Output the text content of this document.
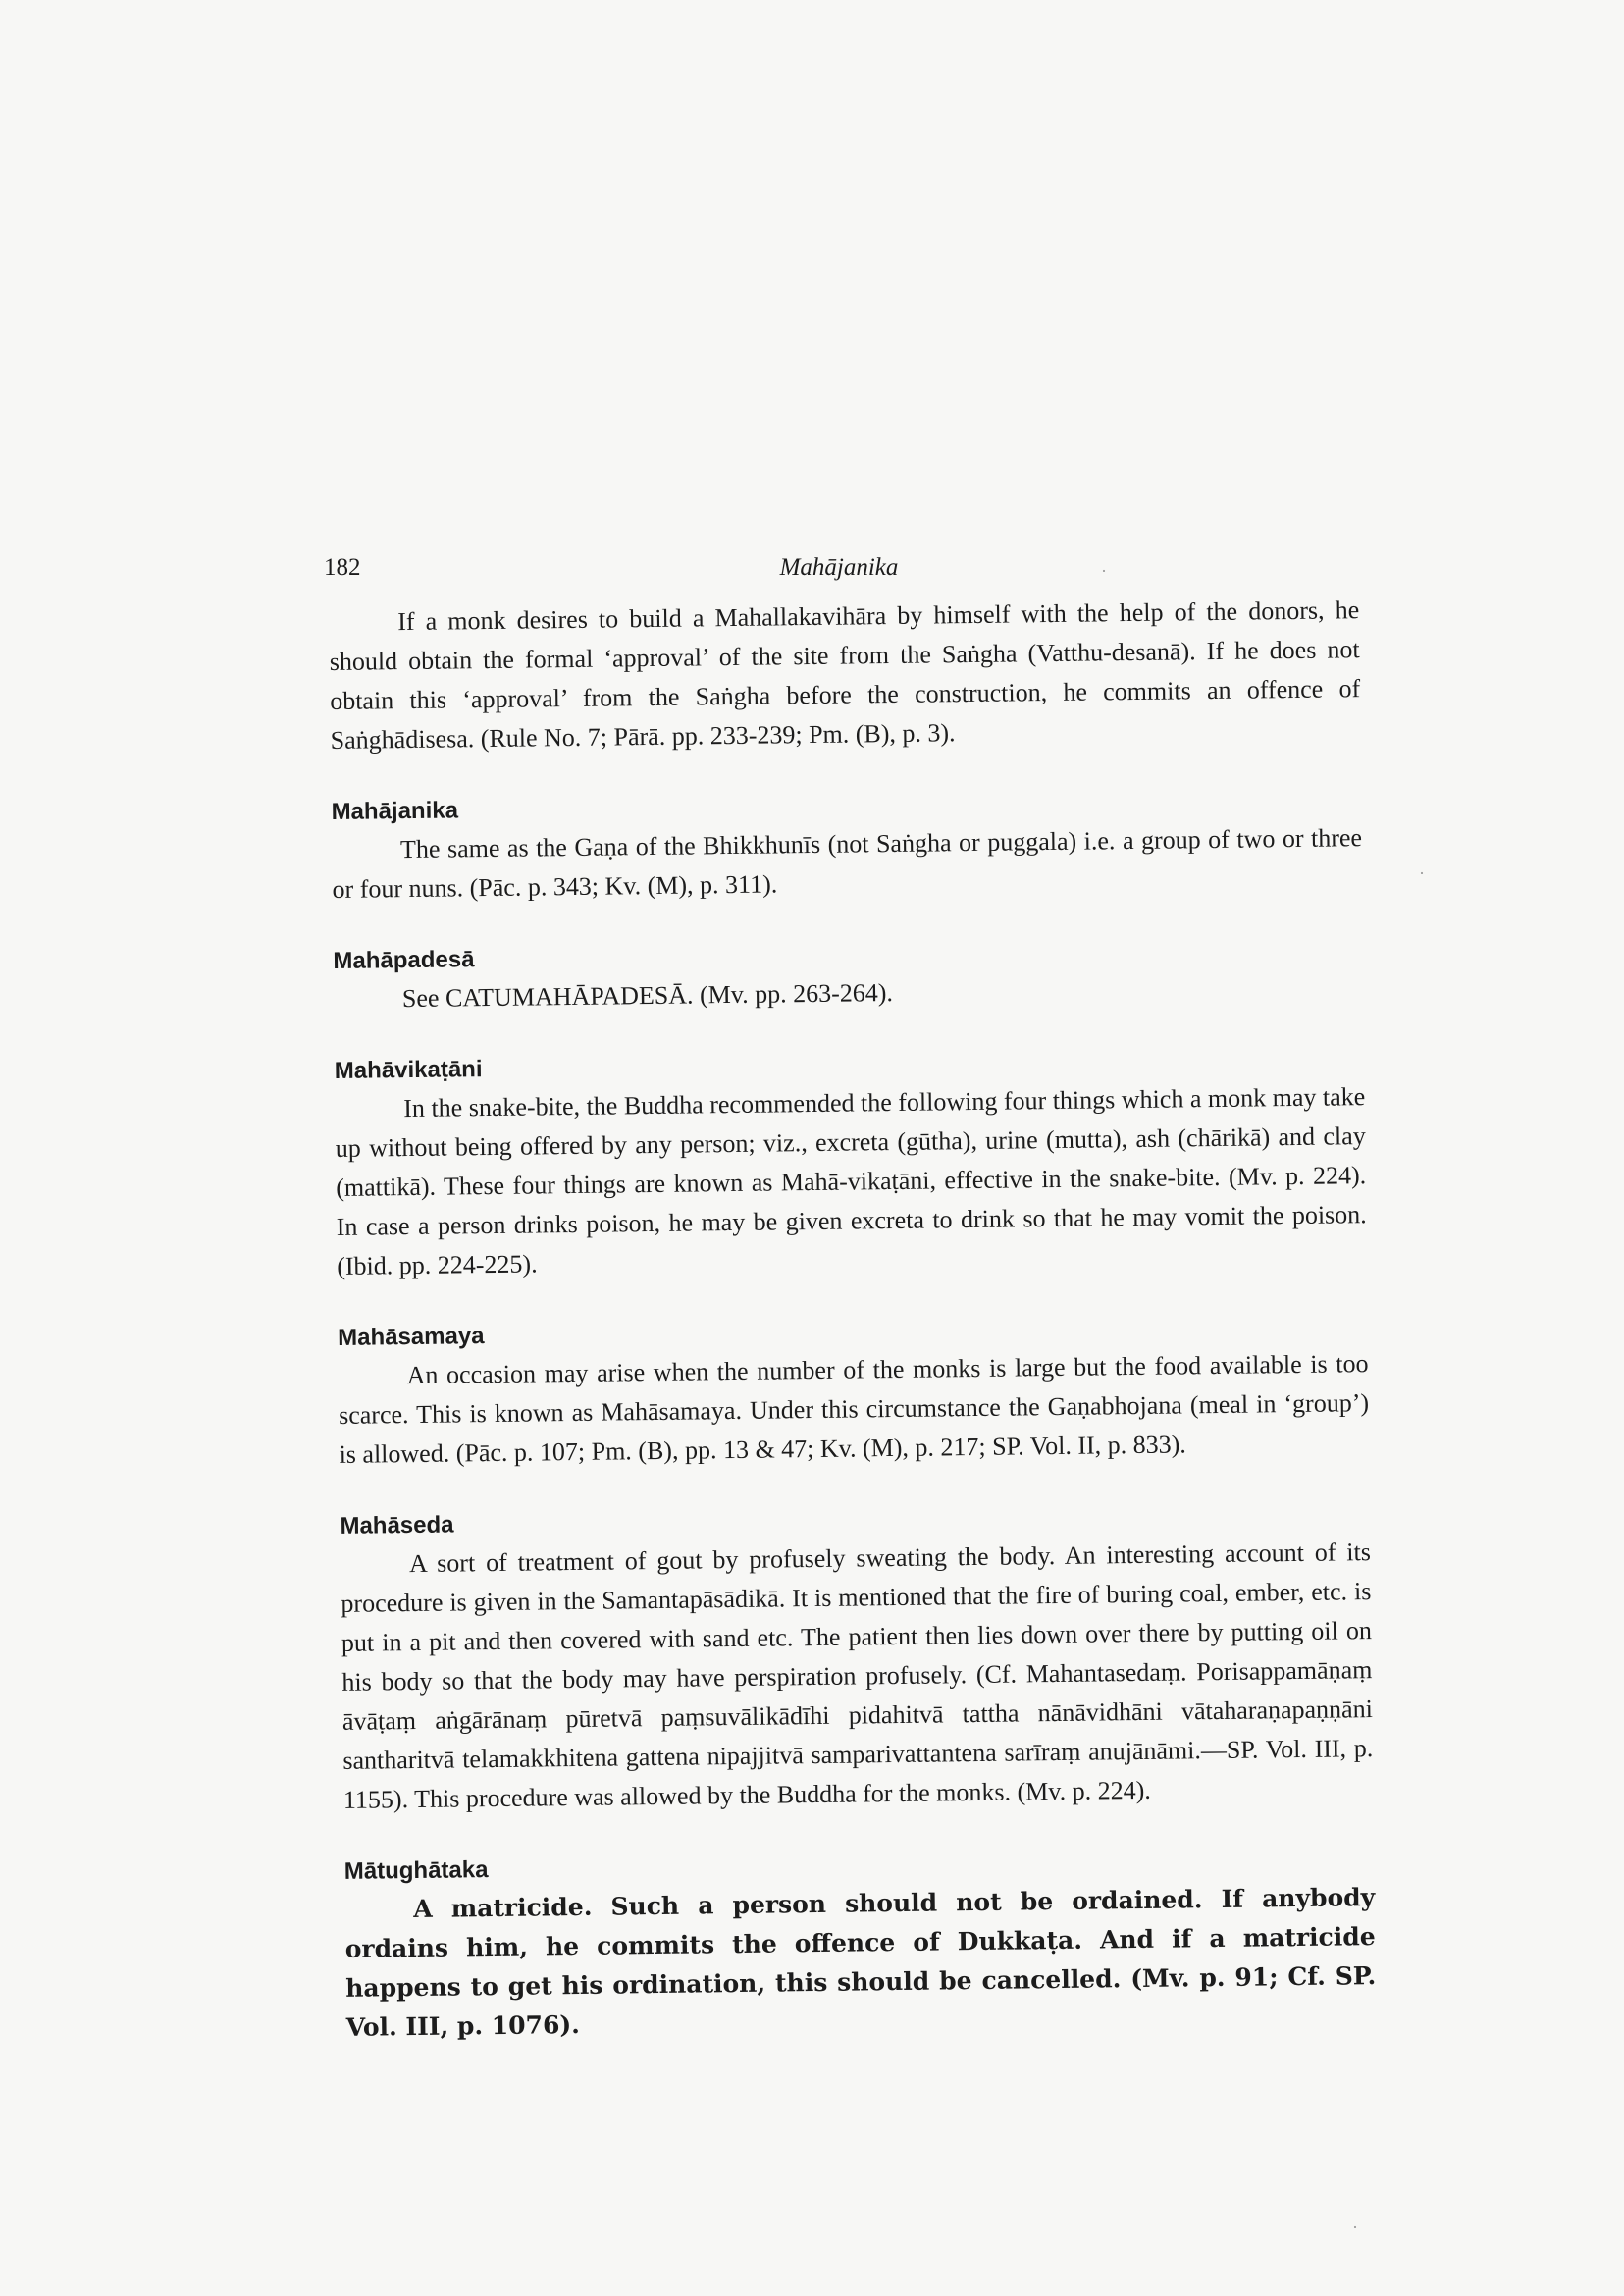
182	Mahājanika

If a monk desires to build a Mahallakavihāra by himself with the help of the donors, he should obtain the formal ‘approval’ of the site from the Saṅgha (Vatthu-desanā). If he does not obtain this ‘approval’ from the Saṅgha before the construction, he commits an offence of Saṅghādisesa. (Rule No. 7; Pārā. pp. 233-239; Pm. (B), p. 3).

Mahājanika

The same as the Gaṇa of the Bhikkhunīs (not Saṅgha or puggala) i.e. a group of two or three or four nuns. (Pāc. p. 343; Kv. (M), p. 311).

Mahāpadesā

See CATUMAHĀPADESĀ. (Mv. pp. 263-264).

Mahāvikaṭāni

In the snake-bite, the Buddha recommended the following four things which a monk may take up without being offered by any person; viz., excreta (gūtha), urine (mutta), ash (chārikā) and clay (mattikā). These four things are known as Mahā-vikaṭāni, effective in the snake-bite. (Mv. p. 224). In case a person drinks poison, he may be given excreta to drink so that he may vomit the poison. (Ibid. pp. 224-225).

Mahāsamaya

An occasion may arise when the number of the monks is large but the food available is too scarce. This is known as Mahāsamaya. Under this circumstance the Gaṇabhojana (meal in ‘group’) is allowed. (Pāc. p. 107; Pm. (B), pp. 13 & 47; Kv. (M), p. 217; SP. Vol. II, p. 833).

Mahāseda

A sort of treatment of gout by profusely sweating the body. An interesting account of its procedure is given in the Samantapāsādikā. It is mentioned that the fire of buring coal, ember, etc. is put in a pit and then covered with sand etc. The patient then lies down over there by putting oil on his body so that the body may have perspiration profusely. (Cf. Mahantasedaṃ. Porisappamāṇaṃ āvāṭaṃ aṅgārānaṃ pūretvā paṃsuvālikādīhi pidahitvā tattha nānāvidhāni vātaharaṇapaṇṇāni santharitvā telamakkhitena gattena nipajjitvā samparivattantena sarīraṃ anujānāmi.—SP. Vol. III, p. 1155). This procedure was allowed by the Buddha for the monks. (Mv. p. 224).

Mātughātaka

A matricide. Such a person should not be ordained. If anybody ordains him, he commits the offence of Dukkaṭa. And if a matricide happens to get his ordination, this should be cancelled. (Mv. p. 91; Cf. SP. Vol. III, p. 1076).

·
·
·
